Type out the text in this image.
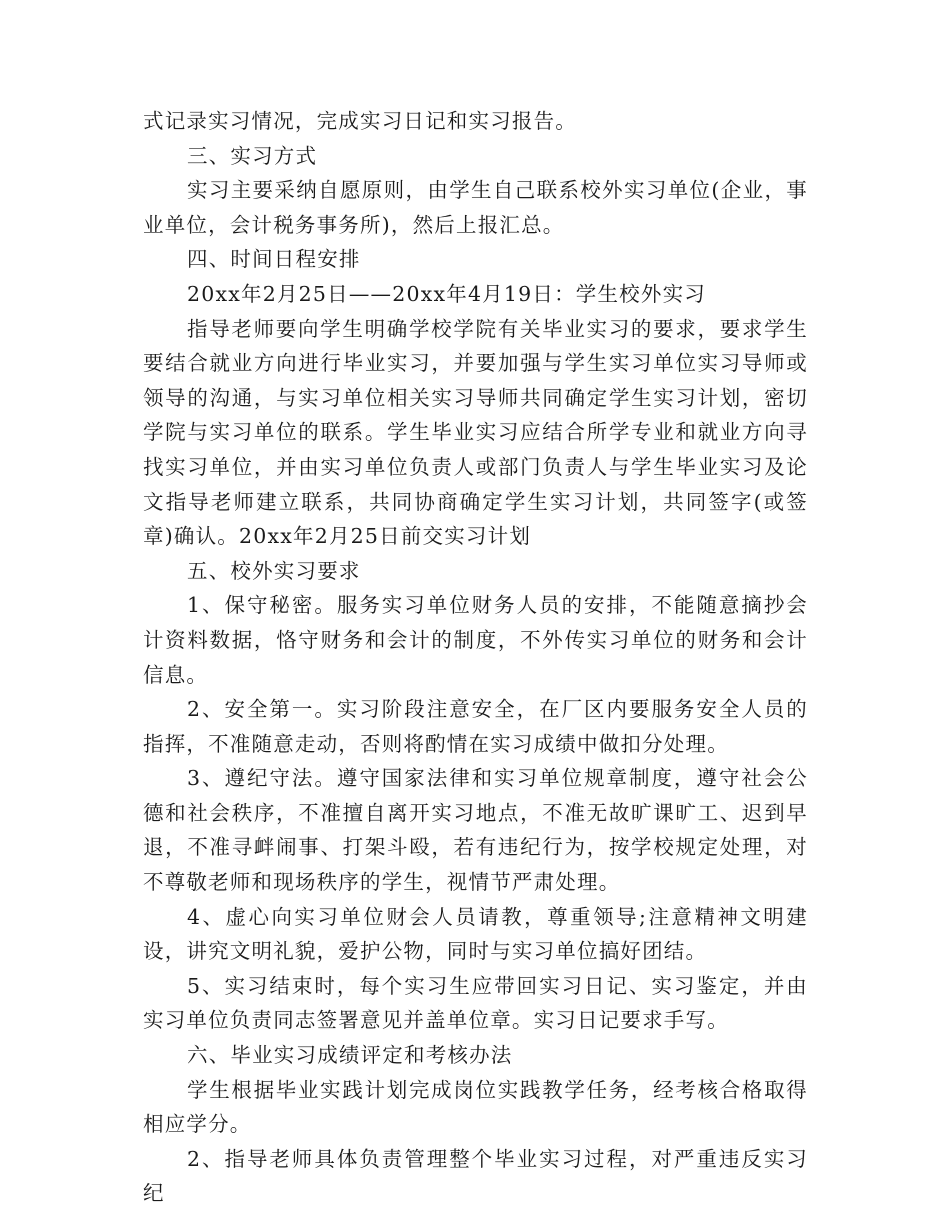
式记录实习情况，完成实习日记和实习报告。

三、实习方式

实习主要采纳自愿原则，由学生自己联系校外实习单位(企业，事业单位，会计税务事务所)，然后上报汇总。

四、时间日程安排

20xx年2月25日——20xx年4月19日：学生校外实习

指导老师要向学生明确学校学院有关毕业实习的要求，要求学生要结合就业方向进行毕业实习，并要加强与学生实习单位实习导师或领导的沟通，与实习单位相关实习导师共同确定学生实习计划，密切学院与实习单位的联系。学生毕业实习应结合所学专业和就业方向寻找实习单位，并由实习单位负责人或部门负责人与学生毕业实习及论文指导老师建立联系，共同协商确定学生实习计划，共同签字(或签章)确认。20xx年2月25日前交实习计划

五、校外实习要求

1、保守秘密。服务实习单位财务人员的安排，不能随意摘抄会计资料数据，恪守财务和会计的制度，不外传实习单位的财务和会计信息。

2、安全第一。实习阶段注意安全，在厂区内要服务安全人员的指挥，不准随意走动，否则将酌情在实习成绩中做扣分处理。

3、遵纪守法。遵守国家法律和实习单位规章制度，遵守社会公德和社会秩序，不准擅自离开实习地点，不准无故旷课旷工、迟到早退，不准寻衅闹事、打架斗殴，若有违纪行为，按学校规定处理，对不尊敬老师和现场秩序的学生，视情节严肃处理。

4、虚心向实习单位财会人员请教，尊重领导;注意精神文明建设，讲究文明礼貌，爱护公物，同时与实习单位搞好团结。

5、实习结束时，每个实习生应带回实习日记、实习鉴定，并由实习单位负责同志签署意见并盖单位章。实习日记要求手写。

六、毕业实习成绩评定和考核办法

学生根据毕业实践计划完成岗位实践教学任务，经考核合格取得相应学分。

2、指导老师具体负责管理整个毕业实习过程，对严重违反实习纪
